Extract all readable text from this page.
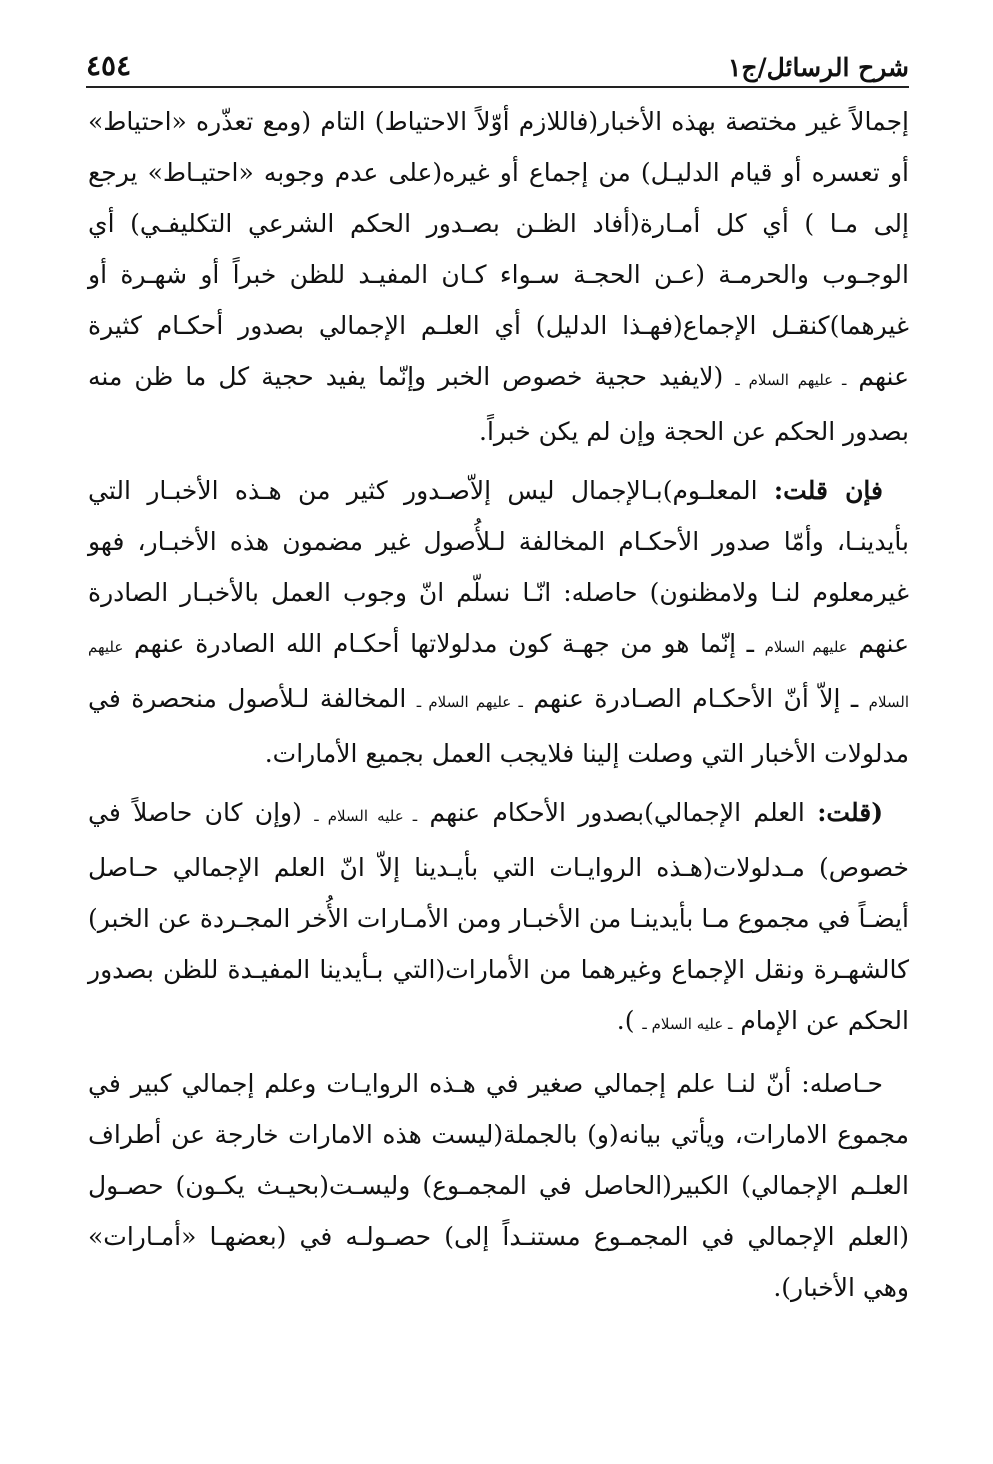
شرح الرسائل/ج١
٤٥٤

إجمالاً غير مختصة بهذه الأخبار(فاللازم أوّلاً الاحتياط) التام (ومع تعذّره «احتياط» أو تعسره أو قيام الدليـل) من إجماع أو غيره(على عدم وجوبه «احتيـاط» يرجع إلى مـا ) أي كل أمـارة(أفاد الظـن بصـدور الحكم الشرعي التكليفـي) أي الوجـوب والحرمـة (عـن الحجـة سـواء كـان المفيـد للظن خبراً أو شهـرة أو غيرهما)كنقـل الإجماع(فهـذا الدليل) أي العلـم الإجمالي بصدور أحكـام كثيرة عنهم ـ عليهم السلام ـ (لايفيد حجية خصوص الخبر وإنّما يفيد حجية كل ما ظن منه بصدور الحكم عن الحجة وإن لم يكن خبراً.

فإن قلت: المعلـوم)بـالإجمال ليس إلاّصـدور كثير من هـذه الأخبـار التي بأيدينـا، وأمّا صدور الأحكـام المخالفة لـلأُصول غير مضمون هذه الأخبـار، فهو غيرمعلوم لنـا ولامظنون) حاصله: انّـا نسلّم انّ وجوب العمل بالأخبـار الصادرة عنهم عليهم السلام ـ إنّما هو من جهـة كون مدلولاتها أحكـام الله الصادرة عنهم عليهم السلام ـ إلاّ أنّ الأحكـام الصـادرة عنهم ـ عليهم السلام ـ المخالفة لـلأصول منحصرة في مدلولات الأخبار التي وصلت إلينا فلايجب العمل بجميع الأمارات.

(قلت: العلم الإجمالي)بصدور الأحكام عنهم ـ عليه السلام ـ (وإن كان حاصلاً في خصوص) مـدلولات(هـذه الروايـات التي بأيـدينا إلاّ انّ العلم الإجمالي حـاصل أيضـاً في مجموع مـا بأيدينـا من الأخبـار ومن الأمـارات الأُخر المجـردة عن الخبر) كالشهـرة ونقل الإجماع وغيرهما من الأمارات(التي بـأيدينا المفيـدة للظن بصدور الحكم عن الإمام ـ عليه السلام ـ ).

حـاصله: أنّ لنـا علم إجمالي صغير في هـذه الروايـات وعلم إجمالي كبير في مجموع الامارات، ويأتي بيانه(و) بالجملة(ليست هذه الامارات خارجة عن أطراف العلـم الإجمالي) الكبير(الحاصل في المجمـوع) وليسـت(بحيـث يكـون) حصـول (العلم الإجمالي في المجمـوع مستنـداً إلى) حصـولـه في (بعضهـا «أمـارات» وهي الأخبار).
